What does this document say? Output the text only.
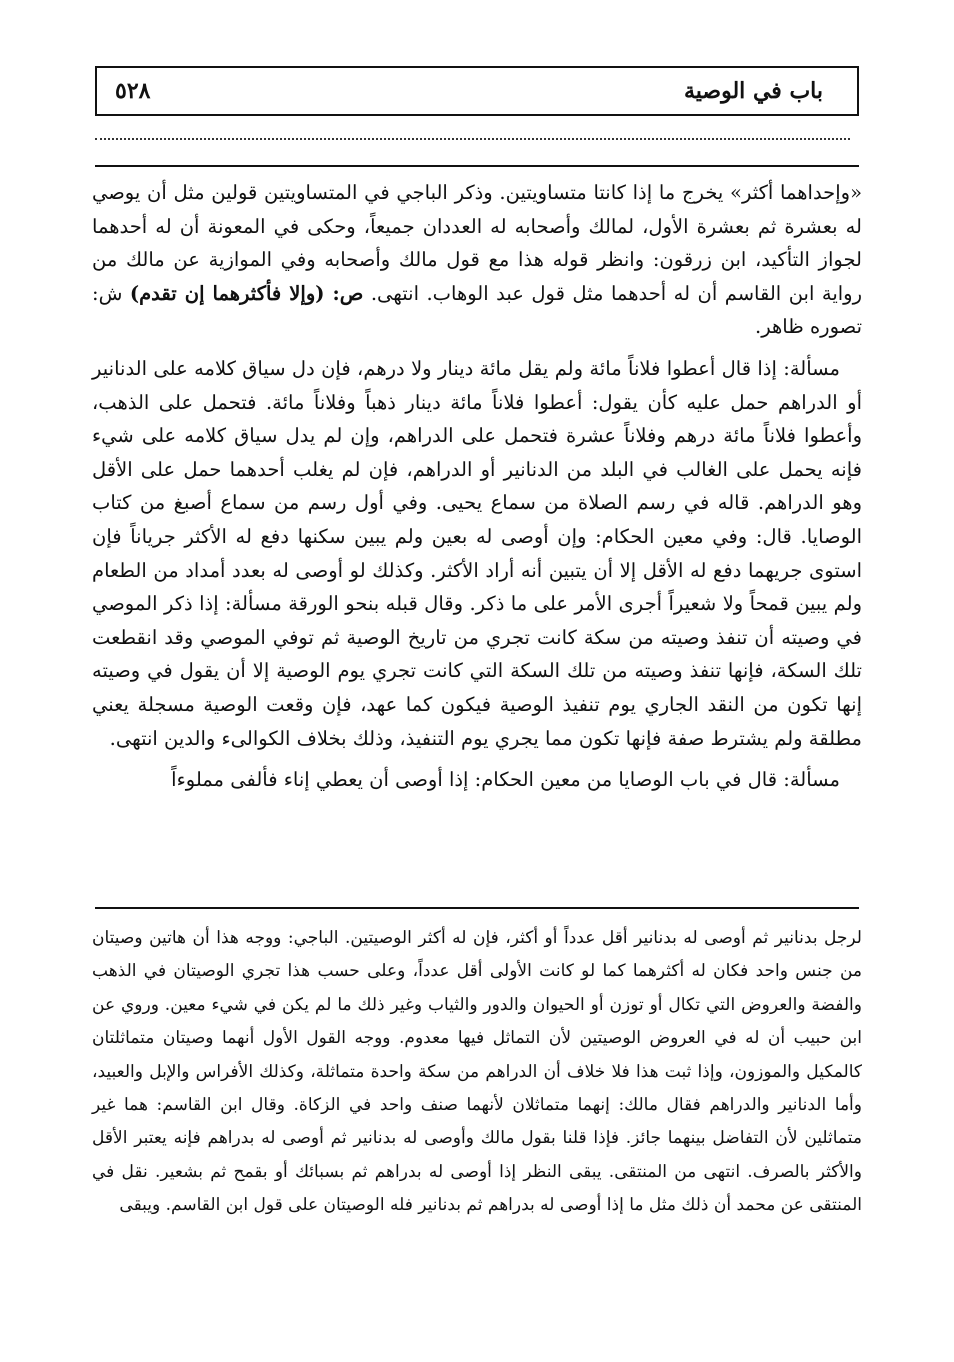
باب في الوصية
٥٢٨

«وإحداهما أكثر» يخرج ما إذا كانتا متساويتين. وذكر الباجي في المتساويتين قولين مثل أن يوصي له بعشرة ثم بعشرة الأول، لمالك وأصحابه له العددان جميعاً، وحكى في المعونة أن له أحدهما لجواز التأكيد، ابن زرقون: وانظر قوله هذا مع قول مالك وأصحابه وفي الموازية عن مالك من رواية ابن القاسم أن له أحدهما مثل قول عبد الوهاب. انتهى. ص: (وإلا فأكثرهما إن تقدم) ش: تصوره ظاهر.

مسألة: إذا قال أعطوا فلاناً مائة ولم يقل مائة دينار ولا درهم، فإن دل سياق كلامه على الدنانير أو الدراهم حمل عليه كأن يقول: أعطوا فلاناً مائة دينار ذهباً وفلاناً مائة. فتحمل على الذهب، وأعطوا فلاناً مائة درهم وفلاناً عشرة فتحمل على الدراهم، وإن لم يدل سياق كلامه على شيء فإنه يحمل على الغالب في البلد من الدنانير أو الدراهم، فإن لم يغلب أحدهما حمل على الأقل وهو الدراهم. قاله في رسم الصلاة من سماع يحيى. وفي أول رسم من سماع أصبغ من كتاب الوصايا. قال: وفي معين الحكام: وإن أوصى له بعين ولم يبين سكنها دفع له الأكثر جرياناً فإن استوى جريهما دفع له الأقل إلا أن يتبين أنه أراد الأكثر. وكذلك لو أوصى له بعدد أمداد من الطعام ولم يبين قمحاً ولا شعيراً أجرى الأمر على ما ذكر. وقال قبله بنحو الورقة مسألة: إذا ذكر الموصي في وصيته أن تنفذ وصيته من سكة كانت تجري من تاريخ الوصية ثم توفي الموصي وقد انقطعت تلك السكة، فإنها تنفذ وصيته من تلك السكة التي كانت تجري يوم الوصية إلا أن يقول في وصيته إنها تكون من النقد الجاري يوم تنفيذ الوصية فيكون كما عهد، فإن وقعت الوصية مسجلة يعني مطلقة ولم يشترط صفة فإنها تكون مما يجري يوم التنفيذ، وذلك بخلاف الكوالىء والدين انتهى.

مسألة: قال في باب الوصايا من معين الحكام: إذا أوصى أن يعطي إناء فألفى مملوءاً

لرجل بدنانير ثم أوصى له بدنانير أقل عدداً أو أكثر، فإن له أكثر الوصيتين. الباجي: ووجه هذا أن هاتين وصيتان من جنس واحد فكان له أكثرهما كما لو كانت الأولى أقل عدداً، وعلى حسب هذا تجري الوصيتان في الذهب والفضة والعروض التي تكال أو توزن أو الحيوان والدور والثياب وغير ذلك ما لم يكن في شيء معين. وروي عن ابن حبيب أن له في العروض الوصيتين لأن التماثل فيها معدوم. ووجه القول الأول أنهما وصيتان متماثلتان كالمكيل والموزون، وإذا ثبت هذا فلا خلاف أن الدراهم من سكة واحدة متماثلة، وكذلك الأفراس والإبل والعبيد، وأما الدنانير والدراهم فقال مالك: إنهما متماثلان لأنهما صنف واحد في الزكاة. وقال ابن القاسم: هما غير متماثلين لأن التفاضل بينهما جائز. فإذا قلنا بقول مالك وأوصى له بدنانير ثم أوصى له بدراهم فإنه يعتبر الأقل والأكثر بالصرف. انتهى من المنتقى. يبقى النظر إذا أوصى له بدراهم ثم بسبائك أو بقمح ثم بشعير. نقل في المنتقى عن محمد أن ذلك مثل ما إذا أوصى له بدراهم ثم بدنانير فله الوصيتان على قول ابن القاسم. ويبقى
